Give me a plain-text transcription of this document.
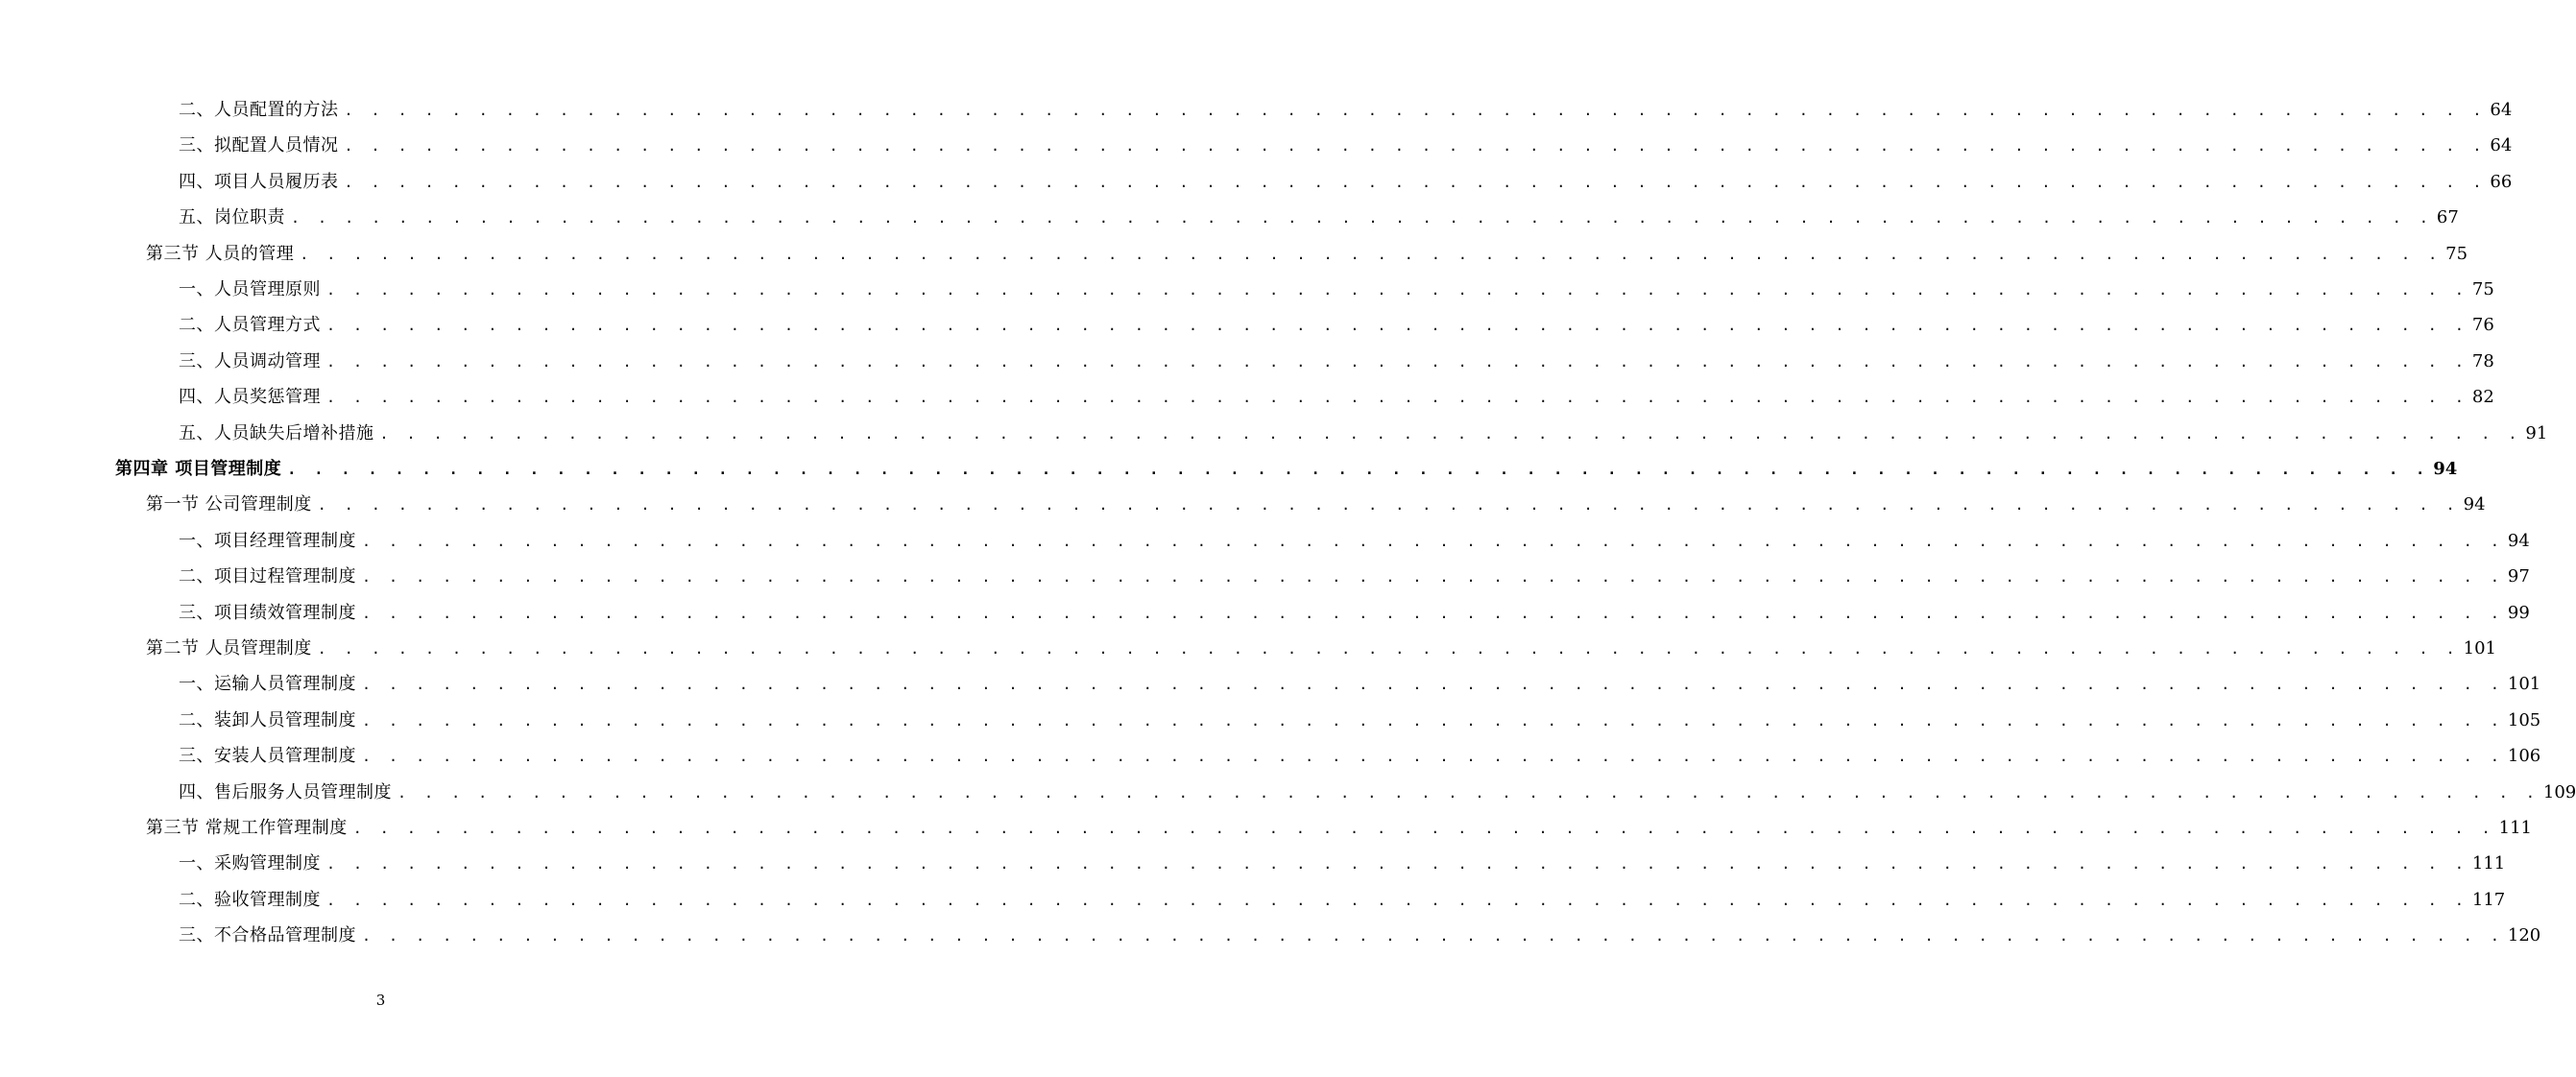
二、人员配置的方法 . . . . . . . . . . . . . . . . . . . . . . . . . . . . . . . . . . . . . . . . . . . . . . . . . . . . . . . . . . . . . . . . . . . . . . . . . . . . . . . . 64
三、拟配置人员情况 . . . . . . . . . . . . . . . . . . . . . . . . . . . . . . . . . . . . . . . . . . . . . . . . . . . . . . . . . . . . . . . . . . . . . . . . . . . . . . . . 64
四、项目人员履历表 . . . . . . . . . . . . . . . . . . . . . . . . . . . . . . . . . . . . . . . . . . . . . . . . . . . . . . . . . . . . . . . . . . . . . . . . . . . . . . . . 66
五、岗位职责 . . . . . . . . . . . . . . . . . . . . . . . . . . . . . . . . . . . . . . . . . . . . . . . . . . . . . . . . . . . . . . . . . . . . . . . . . . . . . . . . 67
第三节 人员的管理 . . . . . . . . . . . . . . . . . . . . . . . . . . . . . . . . . . . . . . . . . . . . . . . . . . . . . . . . . . . . . . . . . . . . . . . . . . . . . . . . 75
一、人员管理原则 . . . . . . . . . . . . . . . . . . . . . . . . . . . . . . . . . . . . . . . . . . . . . . . . . . . . . . . . . . . . . . . . . . . . . . . . . . . . . . . . 75
二、人员管理方式 . . . . . . . . . . . . . . . . . . . . . . . . . . . . . . . . . . . . . . . . . . . . . . . . . . . . . . . . . . . . . . . . . . . . . . . . . . . . . . . . 76
三、人员调动管理 . . . . . . . . . . . . . . . . . . . . . . . . . . . . . . . . . . . . . . . . . . . . . . . . . . . . . . . . . . . . . . . . . . . . . . . . . . . . . . . . 78
四、人员奖惩管理 . . . . . . . . . . . . . . . . . . . . . . . . . . . . . . . . . . . . . . . . . . . . . . . . . . . . . . . . . . . . . . . . . . . . . . . . . . . . . . . . 82
五、人员缺失后增补措施 . . . . . . . . . . . . . . . . . . . . . . . . . . . . . . . . . . . . . . . . . . . . . . . . . . . . . . . . . . . . . . . . . . . . . . . . . . . . . . . . 91
第四章 项目管理制度 . . . . . . . . . . . . . . . . . . . . . . . . . . . . . . . . . . . . . . . . . . . . . . . . . . . . . . . . . . . . . . . . . . . . . . . . . . . . . . . . 94
第一节 公司管理制度 . . . . . . . . . . . . . . . . . . . . . . . . . . . . . . . . . . . . . . . . . . . . . . . . . . . . . . . . . . . . . . . . . . . . . . . . . . . . . . . . 94
一、项目经理管理制度 . . . . . . . . . . . . . . . . . . . . . . . . . . . . . . . . . . . . . . . . . . . . . . . . . . . . . . . . . . . . . . . . . . . . . . . . . . . . . . . . 94
二、项目过程管理制度 . . . . . . . . . . . . . . . . . . . . . . . . . . . . . . . . . . . . . . . . . . . . . . . . . . . . . . . . . . . . . . . . . . . . . . . . . . . . . . . . 97
三、项目绩效管理制度 . . . . . . . . . . . . . . . . . . . . . . . . . . . . . . . . . . . . . . . . . . . . . . . . . . . . . . . . . . . . . . . . . . . . . . . . . . . . . . . . 99
第二节 人员管理制度 . . . . . . . . . . . . . . . . . . . . . . . . . . . . . . . . . . . . . . . . . . . . . . . . . . . . . . . . . . . . . . . . . . . . . . . . . . . . . . . . 101
一、运输人员管理制度 . . . . . . . . . . . . . . . . . . . . . . . . . . . . . . . . . . . . . . . . . . . . . . . . . . . . . . . . . . . . . . . . . . . . . . . . . . . . . . . . 101
二、装卸人员管理制度 . . . . . . . . . . . . . . . . . . . . . . . . . . . . . . . . . . . . . . . . . . . . . . . . . . . . . . . . . . . . . . . . . . . . . . . . . . . . . . . . 105
三、安装人员管理制度 . . . . . . . . . . . . . . . . . . . . . . . . . . . . . . . . . . . . . . . . . . . . . . . . . . . . . . . . . . . . . . . . . . . . . . . . . . . . . . . . 106
四、售后服务人员管理制度 . . . . . . . . . . . . . . . . . . . . . . . . . . . . . . . . . . . . . . . . . . . . . . . . . . . . . . . . . . . . . . . . . . . . . . . . . . . . . . . . 109
第三节 常规工作管理制度 . . . . . . . . . . . . . . . . . . . . . . . . . . . . . . . . . . . . . . . . . . . . . . . . . . . . . . . . . . . . . . . . . . . . . . . . . . . . . . . . 111
一、采购管理制度 . . . . . . . . . . . . . . . . . . . . . . . . . . . . . . . . . . . . . . . . . . . . . . . . . . . . . . . . . . . . . . . . . . . . . . . . . . . . . . . . 111
二、验收管理制度 . . . . . . . . . . . . . . . . . . . . . . . . . . . . . . . . . . . . . . . . . . . . . . . . . . . . . . . . . . . . . . . . . . . . . . . . . . . . . . . . 117
三、不合格品管理制度 . . . . . . . . . . . . . . . . . . . . . . . . . . . . . . . . . . . . . . . . . . . . . . . . . . . . . . . . . . . . . . . . . . . . . . . . . . . . . . . . 120
3
